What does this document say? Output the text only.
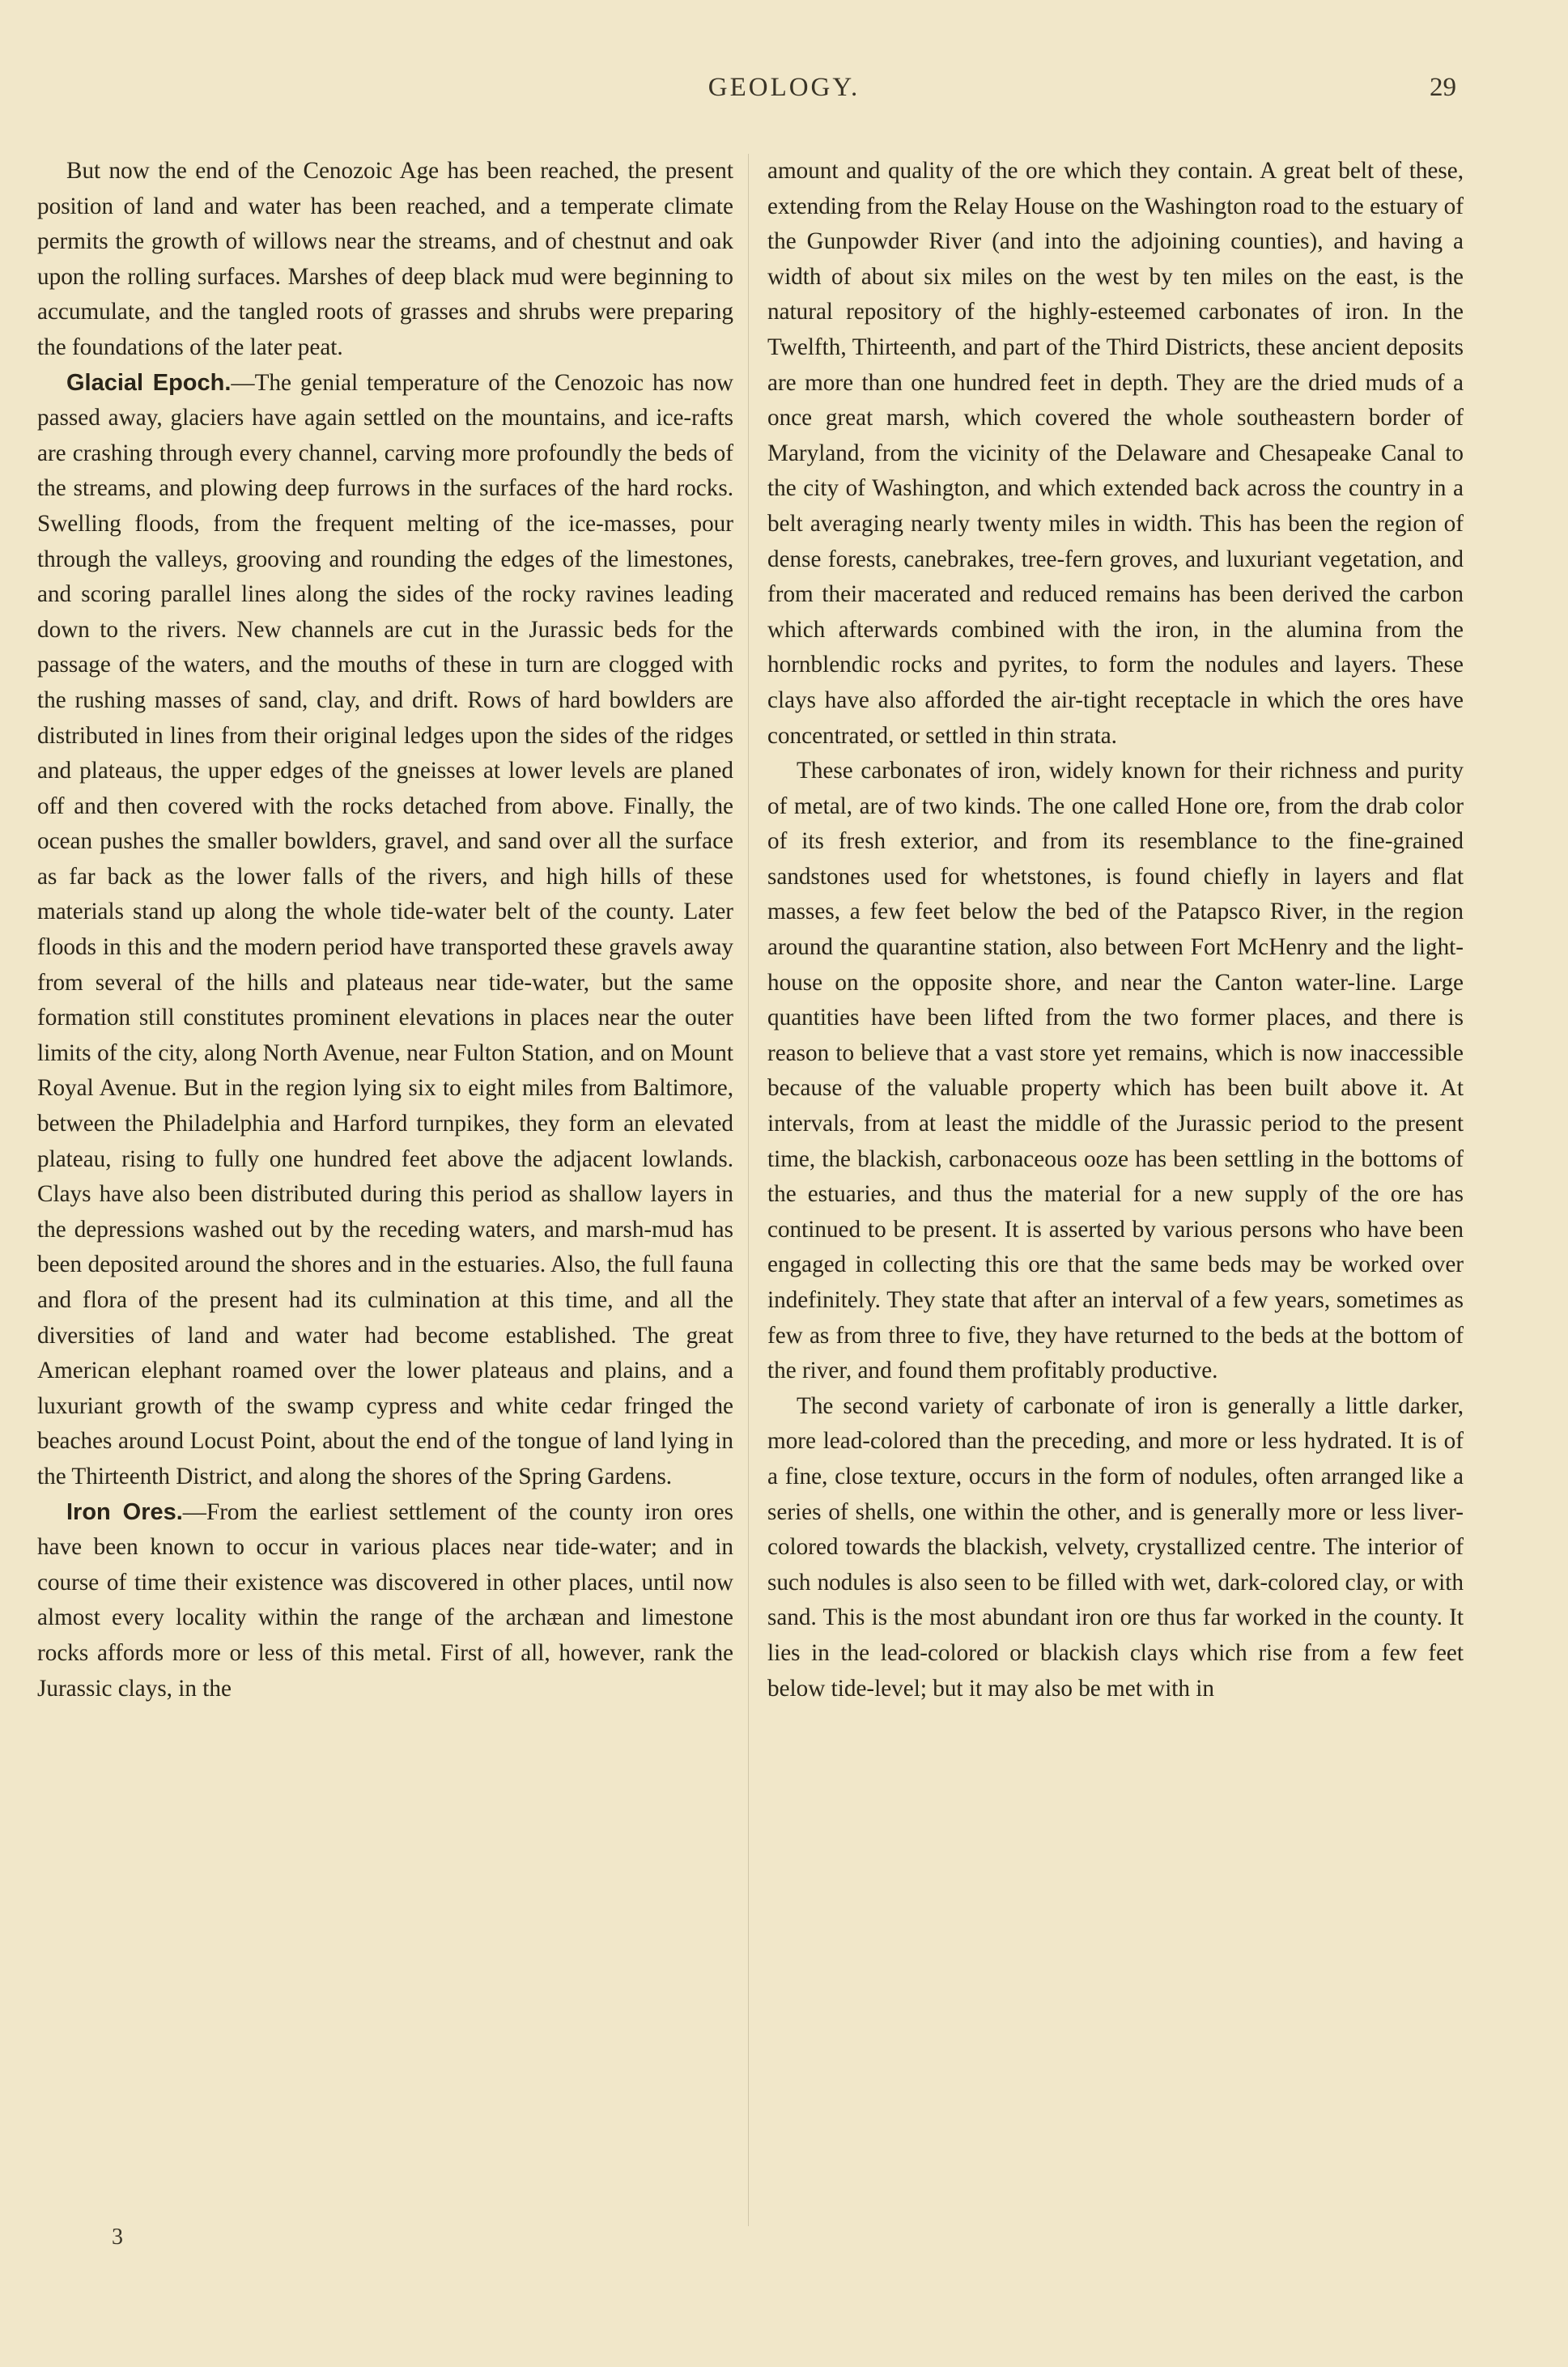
GEOLOGY.	29

But now the end of the Cenozoic Age has been reached, the present position of land and water has been reached, and a temperate climate permits the growth of willows near the streams, and of chestnut and oak upon the rolling surfaces. Marshes of deep black mud were beginning to accumulate, and the tangled roots of grasses and shrubs were preparing the foundations of the later peat.

Glacial Epoch.—The genial temperature of the Cenozoic has now passed away, glaciers have again settled on the mountains, and ice-rafts are crashing through every channel, carving more profoundly the beds of the streams, and plowing deep furrows in the surfaces of the hard rocks. Swelling floods, from the frequent melting of the ice-masses, pour through the valleys, grooving and rounding the edges of the limestones, and scoring parallel lines along the sides of the rocky ravines leading down to the rivers. New channels are cut in the Jurassic beds for the passage of the waters, and the mouths of these in turn are clogged with the rushing masses of sand, clay, and drift. Rows of hard bowlders are distributed in lines from their original ledges upon the sides of the ridges and plateaus, the upper edges of the gneisses at lower levels are planed off and then covered with the rocks detached from above. Finally, the ocean pushes the smaller bowlders, gravel, and sand over all the surface as far back as the lower falls of the rivers, and high hills of these materials stand up along the whole tide-water belt of the county. Later floods in this and the modern period have transported these gravels away from several of the hills and plateaus near tide-water, but the same formation still constitutes prominent elevations in places near the outer limits of the city, along North Avenue, near Fulton Station, and on Mount Royal Avenue. But in the region lying six to eight miles from Baltimore, between the Philadelphia and Harford turnpikes, they form an elevated plateau, rising to fully one hundred feet above the adjacent lowlands. Clays have also been distributed during this period as shallow layers in the depressions washed out by the receding waters, and marsh-mud has been deposited around the shores and in the estuaries. Also, the full fauna and flora of the present had its culmination at this time, and all the diversities of land and water had become established. The great American elephant roamed over the lower plateaus and plains, and a luxuriant growth of the swamp cypress and white cedar fringed the beaches around Locust Point, about the end of the tongue of land lying in the Thirteenth District, and along the shores of the Spring Gardens.

Iron Ores.—From the earliest settlement of the county iron ores have been known to occur in various places near tide-water; and in course of time their existence was discovered in other places, until now almost every locality within the range of the archæan and limestone rocks affords more or less of this metal. First of all, however, rank the Jurassic clays, in the

amount and quality of the ore which they contain. A great belt of these, extending from the Relay House on the Washington road to the estuary of the Gunpowder River (and into the adjoining counties), and having a width of about six miles on the west by ten miles on the east, is the natural repository of the highly-esteemed carbonates of iron. In the Twelfth, Thirteenth, and part of the Third Districts, these ancient deposits are more than one hundred feet in depth. They are the dried muds of a once great marsh, which covered the whole southeastern border of Maryland, from the vicinity of the Delaware and Chesapeake Canal to the city of Washington, and which extended back across the country in a belt averaging nearly twenty miles in width. This has been the region of dense forests, canebrakes, tree-fern groves, and luxuriant vegetation, and from their macerated and reduced remains has been derived the carbon which afterwards combined with the iron, in the alumina from the hornblendic rocks and pyrites, to form the nodules and layers. These clays have also afforded the air-tight receptacle in which the ores have concentrated, or settled in thin strata.

These carbonates of iron, widely known for their richness and purity of metal, are of two kinds. The one called Hone ore, from the drab color of its fresh exterior, and from its resemblance to the fine-grained sandstones used for whetstones, is found chiefly in layers and flat masses, a few feet below the bed of the Patapsco River, in the region around the quarantine station, also between Fort McHenry and the light-house on the opposite shore, and near the Canton water-line. Large quantities have been lifted from the two former places, and there is reason to believe that a vast store yet remains, which is now inaccessible because of the valuable property which has been built above it. At intervals, from at least the middle of the Jurassic period to the present time, the blackish, carbonaceous ooze has been settling in the bottoms of the estuaries, and thus the material for a new supply of the ore has continued to be present. It is asserted by various persons who have been engaged in collecting this ore that the same beds may be worked over indefinitely. They state that after an interval of a few years, sometimes as few as from three to five, they have returned to the beds at the bottom of the river, and found them profitably productive.

The second variety of carbonate of iron is generally a little darker, more lead-colored than the preceding, and more or less hydrated. It is of a fine, close texture, occurs in the form of nodules, often arranged like a series of shells, one within the other, and is generally more or less liver-colored towards the blackish, velvety, crystallized centre. The interior of such nodules is also seen to be filled with wet, dark-colored clay, or with sand. This is the most abundant iron ore thus far worked in the county. It lies in the lead-colored or blackish clays which rise from a few feet below tide-level; but it may also be met with in

3
